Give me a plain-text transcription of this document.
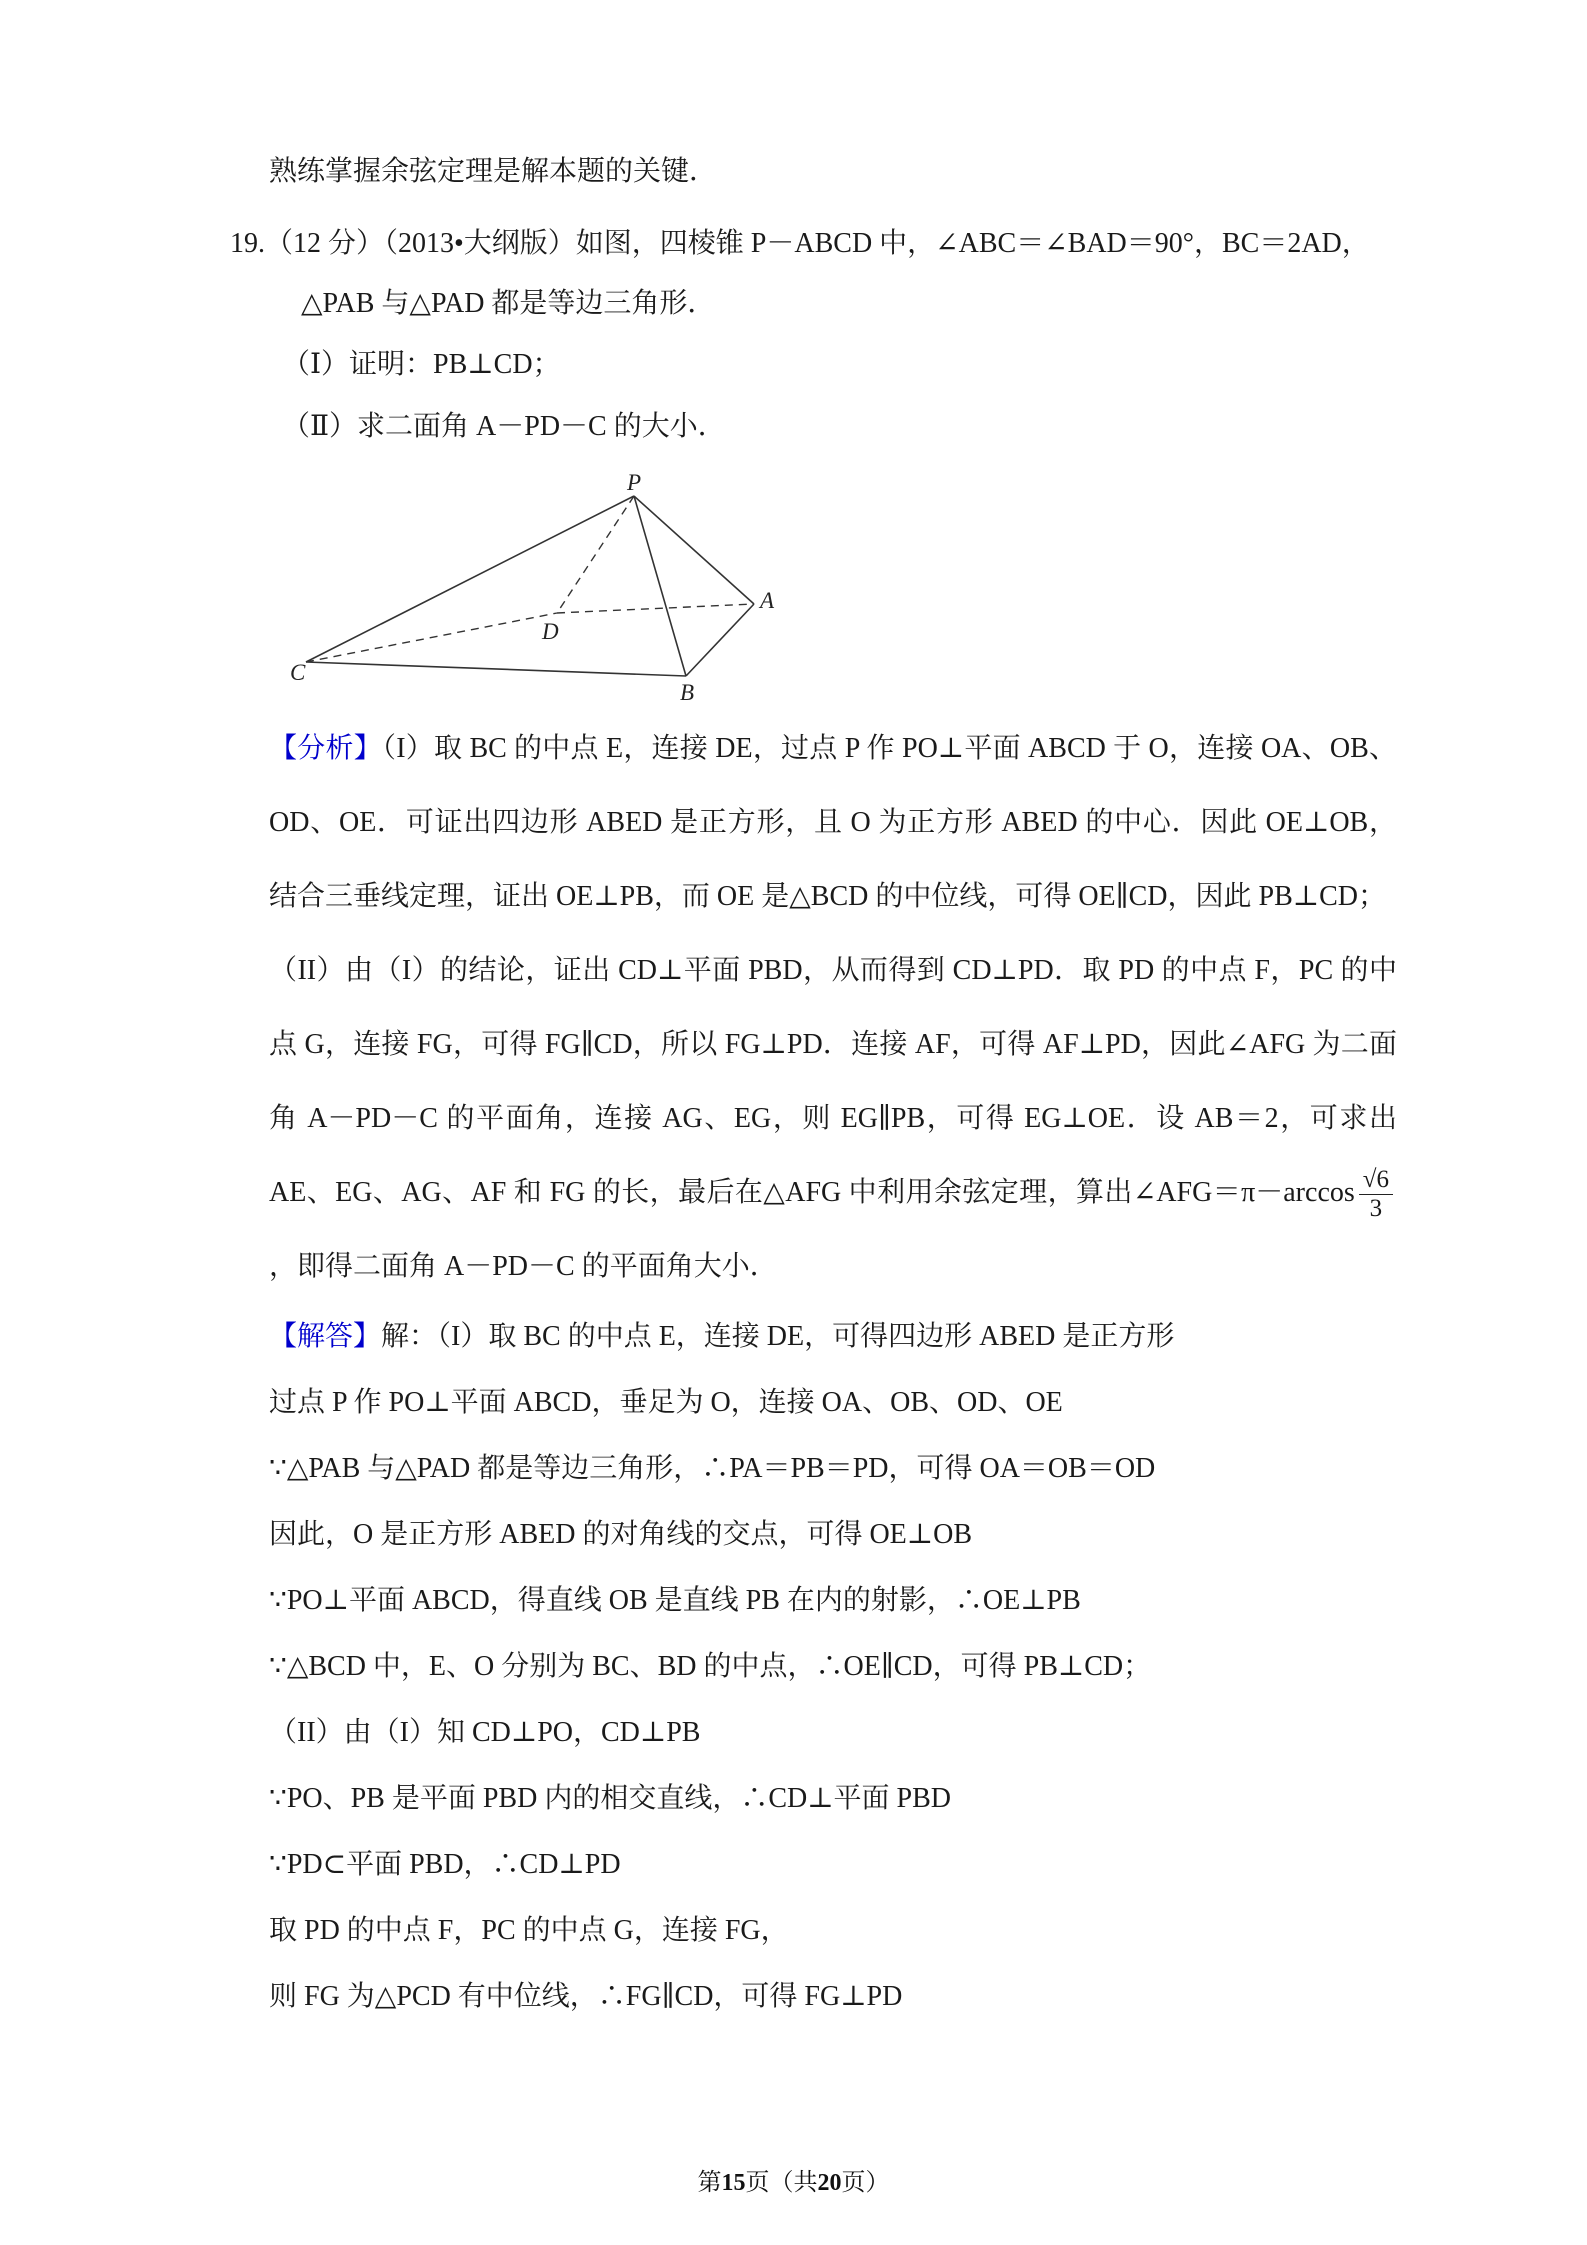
熟练掌握余弦定理是解本题的关键．

19.（12 分）（2013•大纲版）如图，四棱锥 P－ABCD 中，∠ABC＝∠BAD＝90°，BC＝2AD，△PAB 与△PAD 都是等边三角形．

（Ⅰ）证明：PB⊥CD；

（Ⅱ）求二面角 A－PD－C 的大小．

P
A
B
C
D

【分析】（I）取 BC 的中点 E，连接 DE，过点 P 作 PO⊥平面 ABCD 于 O，连接 OA、OB、OD、OE．可证出四边形 ABED 是正方形，且 O 为正方形 ABED 的中心．因此 OE⊥OB，结合三垂线定理，证出 OE⊥PB，而 OE 是△BCD 的中位线，可得 OE∥CD，因此 PB⊥CD；

（II）由（I）的结论，证出 CD⊥平面 PBD，从而得到 CD⊥PD．取 PD 的中点 F，PC 的中点 G，连接 FG，可得 FG∥CD，所以 FG⊥PD．连接 AF，可得 AF⊥PD，因此∠AFG 为二面角 A－PD－C 的平面角，连接 AG、EG，则 EG∥PB，可得 EG⊥OE．设 AB＝2，可求出 AE、EG、AG、AF 和 FG 的长，最后在△AFG 中利用余弦定理，算出∠AFG＝π－arccos $\frac{√6}{3}$
，即得二面角 A－PD－C 的平面角大小．

【解答】解：（I）取 BC 的中点 E，连接 DE，可得四边形 ABED 是正方形

过点 P 作 PO⊥平面 ABCD，垂足为 O，连接 OA、OB、OD、OE

∵△PAB 与△PAD 都是等边三角形，∴PA＝PB＝PD，可得 OA＝OB＝OD

因此，O 是正方形 ABED 的对角线的交点，可得 OE⊥OB

∵PO⊥平面 ABCD，得直线 OB 是直线 PB 在内的射影，∴OE⊥PB

∵△BCD 中，E、O 分别为 BC、BD 的中点，∴OE∥CD，可得 PB⊥CD；

（II）由（I）知 CD⊥PO，CD⊥PB

∵PO、PB 是平面 PBD 内的相交直线，∴CD⊥平面 PBD

∵PD⊂平面 PBD，∴CD⊥PD

取 PD 的中点 F，PC 的中点 G，连接 FG，

则 FG 为△PCD 有中位线，∴FG∥CD，可得 FG⊥PD

第15页（共20页）
